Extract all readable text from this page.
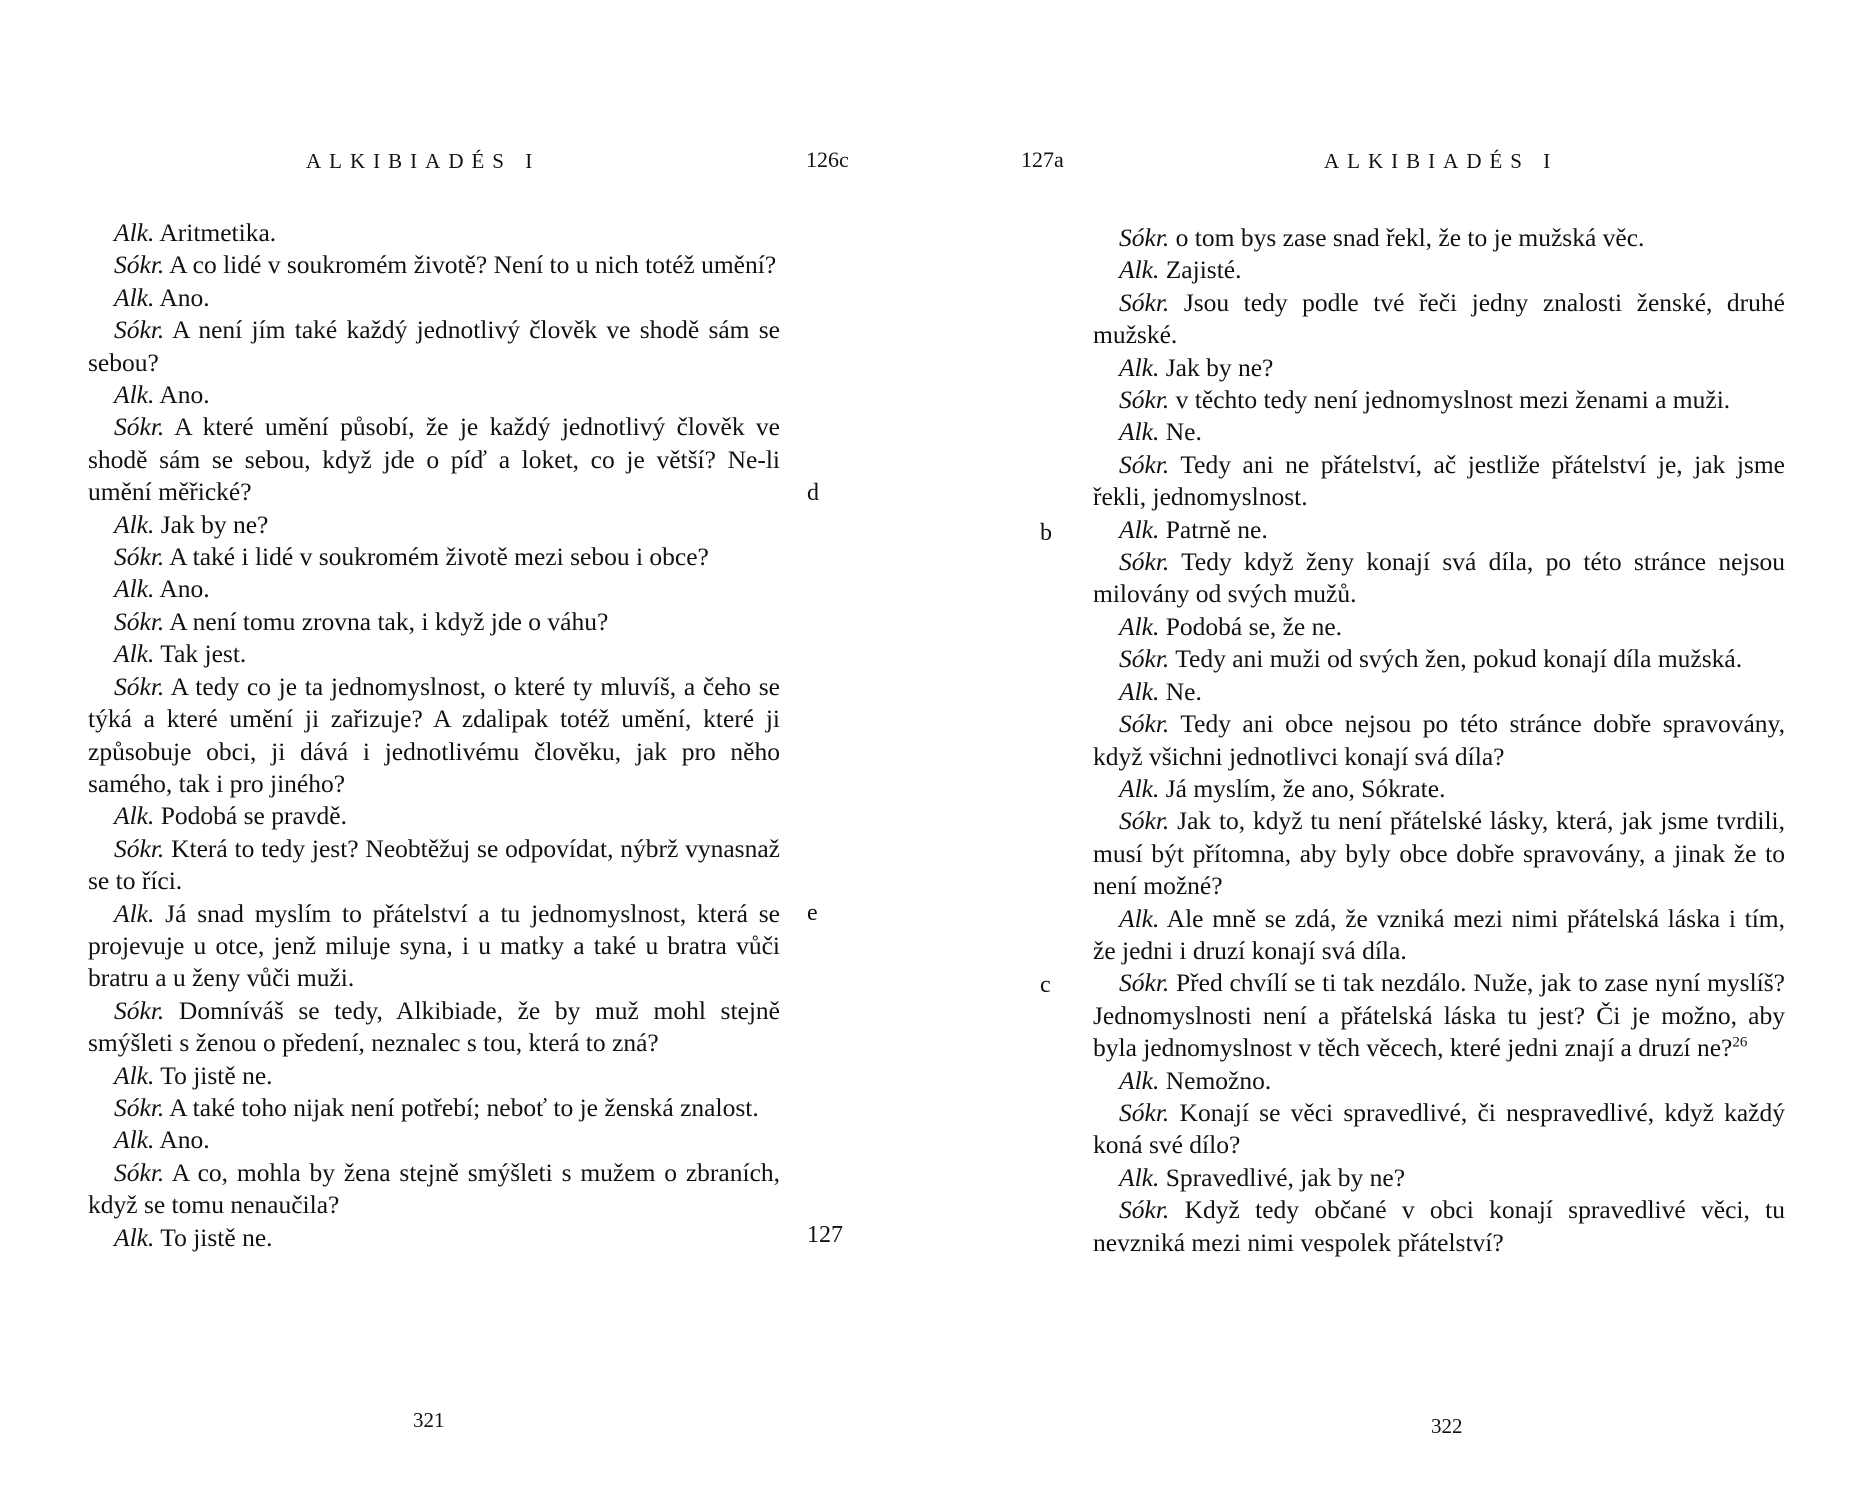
ALKIBIADÉS I	126c

Alk. Aritmetika.

Sókr. A co lidé v soukromém životě? Není to u nich totéž umění?

Alk. Ano.

Sókr. A není jím také každý jednotlivý člověk ve shodě sám se sebou?

Alk. Ano.

Sókr. A které umění působí, že je každý jednotlivý člověk ve shodě sám se sebou, když jde o píď a loket, co je větší? Ne-li umění měřické?

Alk. Jak by ne?

Sókr. A také i lidé v soukromém životě mezi sebou i obce?

Alk. Ano.

Sókr. A není tomu zrovna tak, i když jde o váhu?

Alk. Tak jest.

Sókr. A tedy co je ta jednomyslnost, o které ty mluvíš, a čeho se týká a které umění ji zařizuje? A zdalipak totéž umění, které ji způsobuje obci, ji dává i jednotlivému člověku, jak pro něho samého, tak i pro jiného?

Alk. Podobá se pravdě.

Sókr. Která to tedy jest? Neobtěžuj se odpovídat, nýbrž vynasnaž se to říci.

Alk. Já snad myslím to přátelství a tu jednomyslnost, která se projevuje u otce, jenž miluje syna, i u matky a také u bratra vůči bratru a u ženy vůči muži.

Sókr. Domníváš se tedy, Alkibiade, že by muž mohl stejně smýšleti s ženou o předení, neznalec s tou, která to zná?

Alk. To jistě ne.

Sókr. A také toho nijak není potřebí; neboť to je ženská znalost.

Alk. Ano.

Sókr. A co, mohla by žena stejně smýšleti s mužem o zbraních, když se tomu nenaučila?

Alk. To jistě ne.

d
e
127
321
127a	ALKIBIADÉS I

Sókr. o tom bys zase snad řekl, že to je mužská věc.

Alk. Zajisté.

Sókr. Jsou tedy podle tvé řeči jedny znalosti ženské, druhé mužské.

Alk. Jak by ne?

Sókr. v těchto tedy není jednomyslnost mezi ženami a muži.

Alk. Ne.

Sókr. Tedy ani ne přátelství, ač jestliže přátelství je, jak jsme řekli, jednomyslnost.

Alk. Patrně ne.

Sókr. Tedy když ženy konají svá díla, po této stránce nejsou milovány od svých mužů.

Alk. Podobá se, že ne.

Sókr. Tedy ani muži od svých žen, pokud konají díla mužská.

Alk. Ne.

Sókr. Tedy ani obce nejsou po této stránce dobře spravovány, když všichni jednotlivci konají svá díla?

Alk. Já myslím, že ano, Sókrate.

Sókr. Jak to, když tu není přátelské lásky, která, jak jsme tvrdili, musí být přítomna, aby byly obce dobře spravovány, a jinak že to není možné?

Alk. Ale mně se zdá, že vzniká mezi nimi přátelská láska i tím, že jedni i druzí konají svá díla.

Sókr. Před chvílí se ti tak nezdálo. Nuže, jak to zase nyní myslíš? Jednomyslnosti není a přátelská láska tu jest? Či je možno, aby byla jednomyslnost v těch věcech, které jedni znají a druzí ne?$^{26}$

Alk. Nemožno.

Sókr. Konají se věci spravedlivé, či nespravedlivé, když každý koná své dílo?

Alk. Spravedlivé, jak by ne?

Sókr. Když tedy občané v obci konají spravedlivé věci, tu nevzniká mezi nimi vespolek přátelství?

b
c
322
